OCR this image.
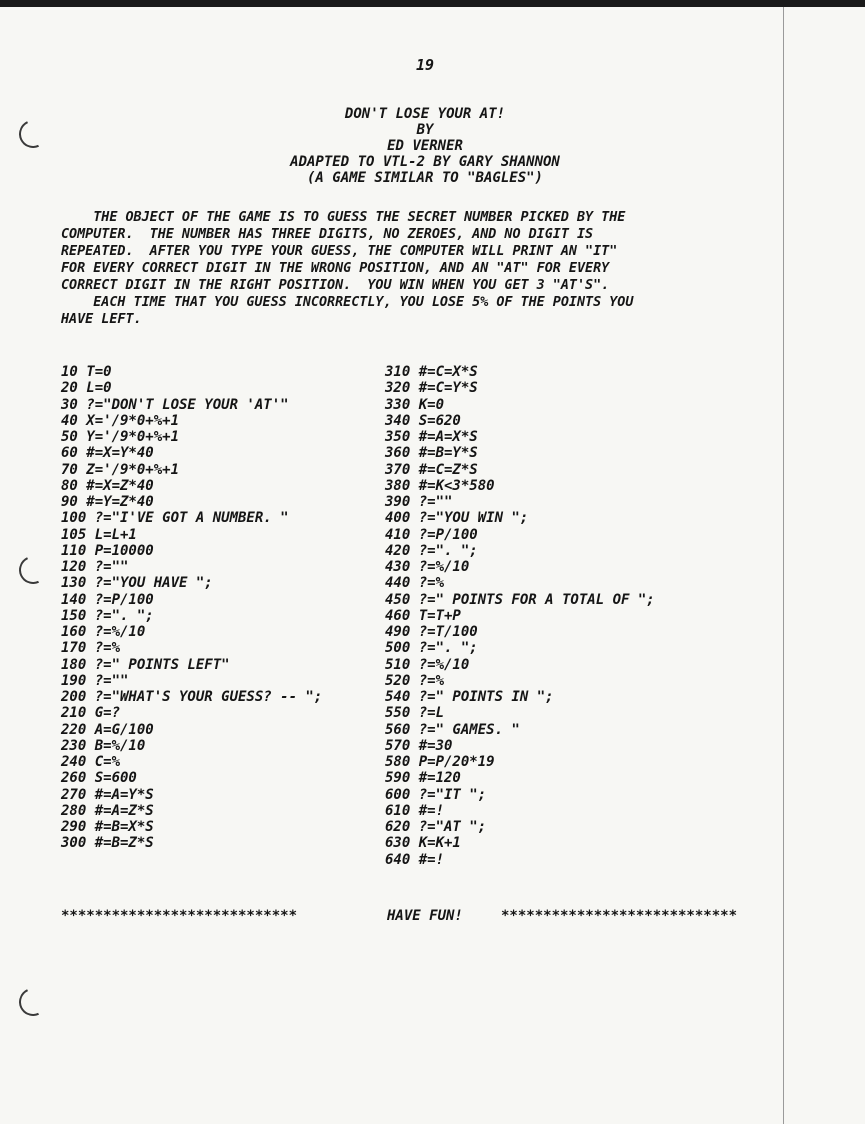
19
DON'T LOSE YOUR AT!
BY
ED VERNER
ADAPTED TO VTL-2 BY GARY SHANNON
(A GAME SIMILAR TO "BAGLES")
THE OBJECT OF THE GAME IS TO GUESS THE SECRET NUMBER PICKED BY THE
COMPUTER.  THE NUMBER HAS THREE DIGITS, NO ZEROES, AND NO DIGIT IS
REPEATED.  AFTER YOU TYPE YOUR GUESS, THE COMPUTER WILL PRINT AN "IT"
FOR EVERY CORRECT DIGIT IN THE WRONG POSITION, AND AN "AT" FOR EVERY
CORRECT DIGIT IN THE RIGHT POSITION.  YOU WIN WHEN YOU GET 3 "AT'S".
EACH TIME THAT YOU GUESS INCORRECTLY, YOU LOSE 5% OF THE POINTS YOU
HAVE LEFT.
10 T=0
20 L=0
30 ?="DON'T LOSE YOUR 'AT'"
40 X='/9*0+%+1
50 Y='/9*0+%+1
60 #=X=Y*40
70 Z='/9*0+%+1
80 #=X=Z*40
90 #=Y=Z*40
100 ?="I'VE GOT A NUMBER. "
105 L=L+1
110 P=10000
120 ?=""
130 ?="YOU HAVE ";
140 ?=P/100
150 ?=". ";
160 ?=%/10
170 ?=%
180 ?=" POINTS LEFT"
190 ?=""
200 ?="WHAT'S YOUR GUESS? -- ";
210 G=?
220 A=G/100
230 B=%/10
240 C=%
260 S=600
270 #=A=Y*S
280 #=A=Z*S
290 #=B=X*S
300 #=B=Z*S
310 #=C=X*S
320 #=C=Y*S
330 K=0
340 S=620
350 #=A=X*S
360 #=B=Y*S
370 #=C=Z*S
380 #=K<3*580
390 ?=""
400 ?="YOU WIN ";
410 ?=P/100
420 ?=". ";
430 ?=%/10
440 ?=%
450 ?=" POINTS FOR A TOTAL OF ";
460 T=T+P
490 ?=T/100
500 ?=". ";
510 ?=%/10
520 ?=%
540 ?=" POINTS IN ";
550 ?=L
560 ?=" GAMES. "
570 #=30
580 P=P/20*19
590 #=120
600 ?="IT ";
610 #=!
620 ?="AT ";
630 K=K+1
640 #=!
****************************	HAVE FUN!	****************************
